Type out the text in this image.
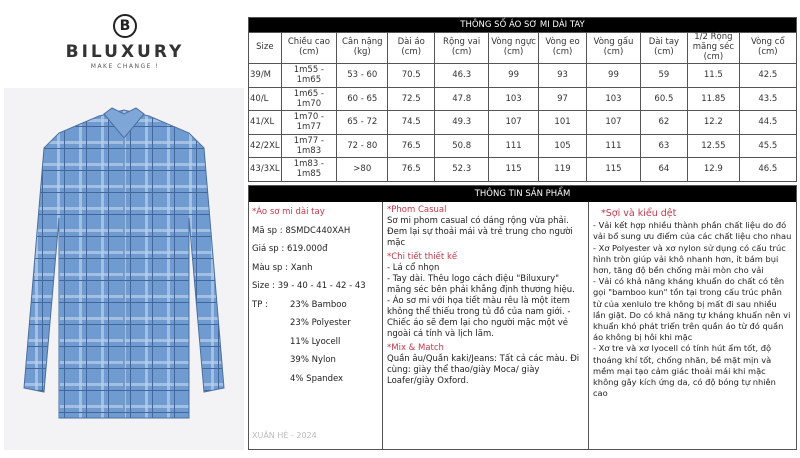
B
BILUXURY
MAKE CHANGE !
THÔNG SỐ ÁO SƠ MI DÀI TAY										
Size	Chiều cao (cm)	Cân nặng (kg)	Dài áo (cm)	Rộng vai (cm)	Vòng ngực (cm)	Vòng eo (cm)	Vòng gấu (cm)	Dài tay (cm)	1/2 Rộng măng séc (cm)	Vòng cổ (cm)
39/M	1m55 - 1m65	53 - 60	70.5	46.3	99	93	99	59	11.5	42.5
40/L	1m65 - 1m70	60 - 65	72.5	47.8	103	97	103	60.5	11.85	43.5
41/XL	1m70 - 1m77	65 - 72	74.5	49.3	107	101	107	62	12.2	44.5
42/2XL	1m77 - 1m83	72 - 80	76.5	50.8	111	105	111	63	12.55	45.5
43/3XL	1m83 - 1m85	>80	76.5	52.3	115	119	115	64	12.9	46.5
THÔNG TIN SẢN PHẨM
*Áo sơ mi dài tay
Mã sp : 8SMDC440XAH
Giá sp : 619.000đ
Màu sp : Xanh
Size : 39 - 40 - 41 - 42 - 43
TP :	23% Bamboo
23% Polyester
11% Lyocell
39% Nylon
4% Spandex
XUÂN HÈ - 2024
*Phom Casual
Sơ mi phom casual có dáng rộng vừa phải. Đem lại sự thoải mái và trẻ trung cho người mặc
*Chi tiết thiết kế
- Lá cổ nhọn
- Tay dài. Thêu logo cách điệu "Biluxury" măng séc bên phải khẳng định thương hiệu.
- Áo sơ mi với họa tiết màu rêu là một item không thể thiếu trong tủ đồ của nam giới. - Chiếc áo sẽ đem lại cho người mặc một vẻ ngoài cá tính và lịch lãm.
*Mix & Match
Quần âu/Quần kaki/Jeans: Tất cả các màu. Đi cùng: giày thể thao/giày Moca/ giày Loafer/giày Oxford.
*Sợi và kiểu dệt
- Vải kết hợp nhiều thành phần chất liệu do đó vải bổ sung ưu điểm của các chất liệu cho nhau
- Xơ Polyester và xơ nylon sử dụng có cấu trúc hình tròn giúp vải khô nhanh hơn, ít bám bụi hơn, tăng độ bền chống mài mòn cho vải
- Vải có khả năng kháng khuẩn do chất có tên gọi "bamboo kun" tồn tại trong cấu trúc phân tử của xenlulo tre không bị mất đi sau nhiều lần giặt. Do có khả năng tự kháng khuẩn nên vi khuẩn khó phát triển trên quần áo từ đó quần áo không bị hôi khi mặc
- Xơ tre và xơ lyocell có tính hút ẩm tốt, độ thoáng khí tốt, chống nhăn, bề mặt mịn và mềm mại tạo cảm giác thoải mái khi mặc không gây kích ứng da, có độ bóng tự nhiên cao
